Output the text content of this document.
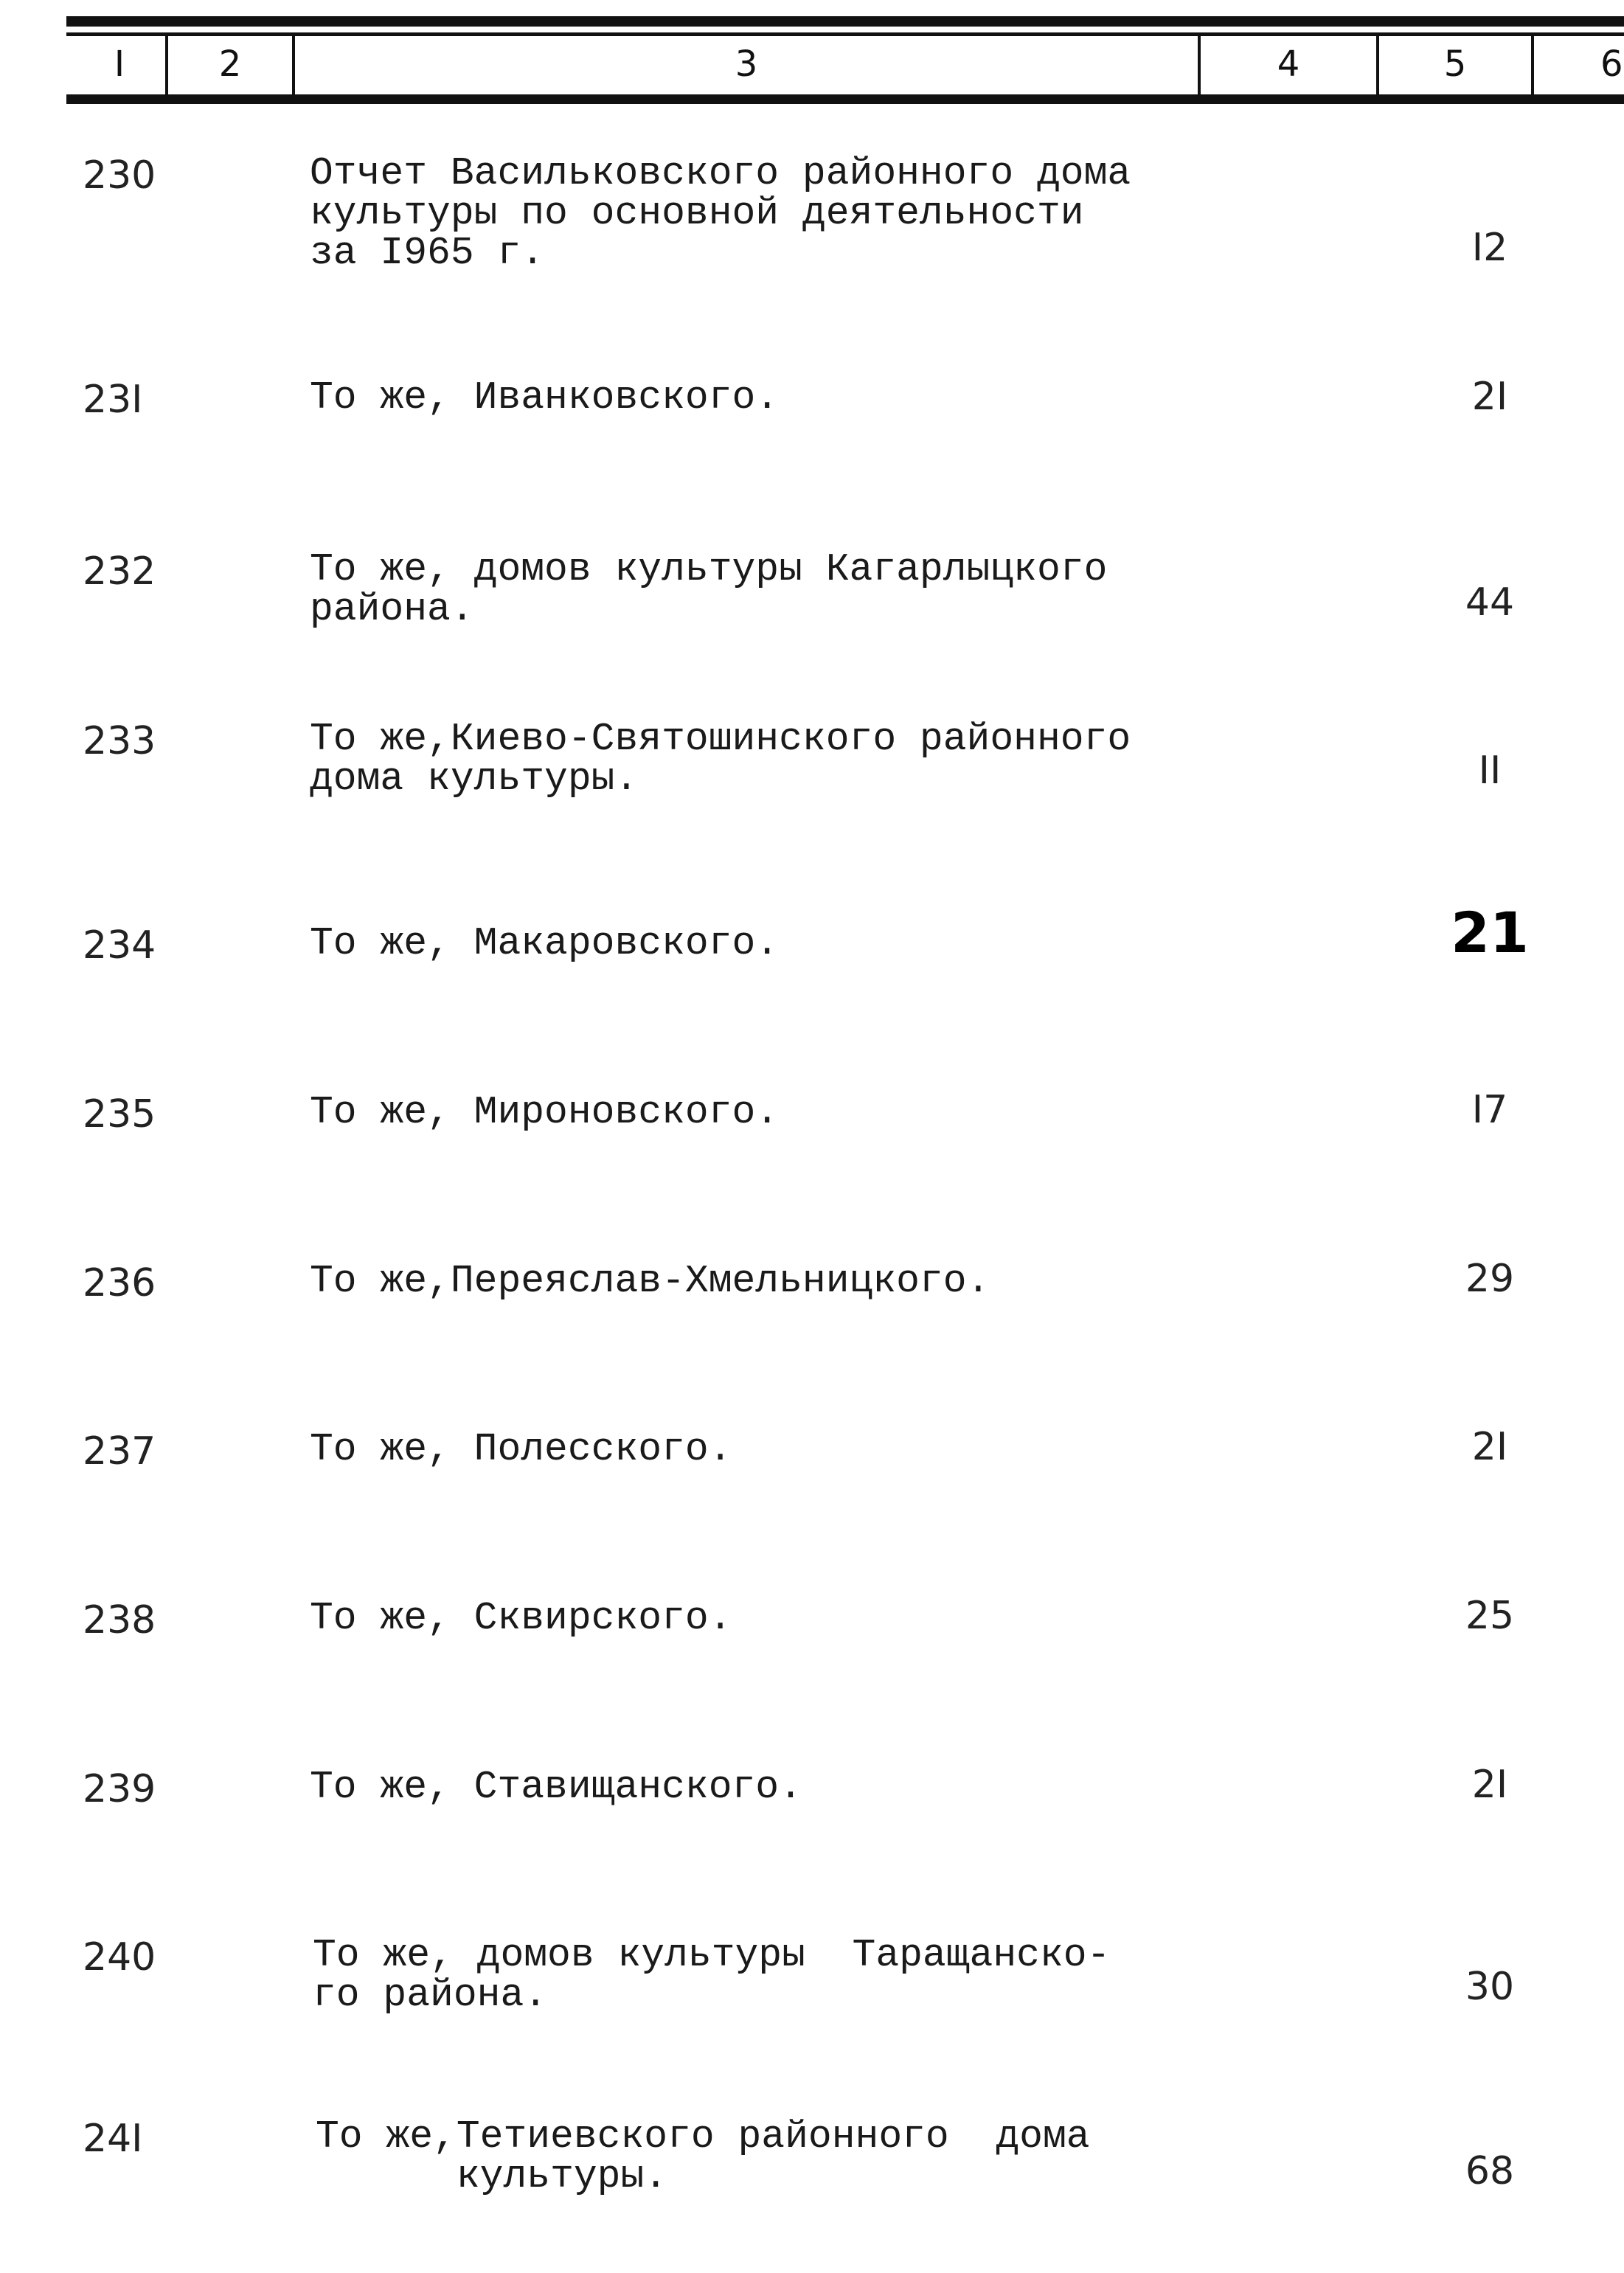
I	2	3	4	5	6
230	Отчет Васильковского районного дома
культуры по основной деятельности
за I965 г.	I2
23I	То же, Иванковского.	2I
232	То же, домов культуры Кагарлыцкого
района.	44
233	То же,Киево-Святошинского районного
дома культуры.	II
234	То же, Макаровского.	21
235	То же, Мироновского.	I7
236	То же,Переяслав-Хмельницкого.	29
237	То же, Полесского.	2I
238	То же, Сквирского.	25
239	То же, Ставищанского.	2I
240	То же, домов культуры  Таращанско-
го района.	30
24I	То же,Тетиевского районного  дома
культуры.	68
